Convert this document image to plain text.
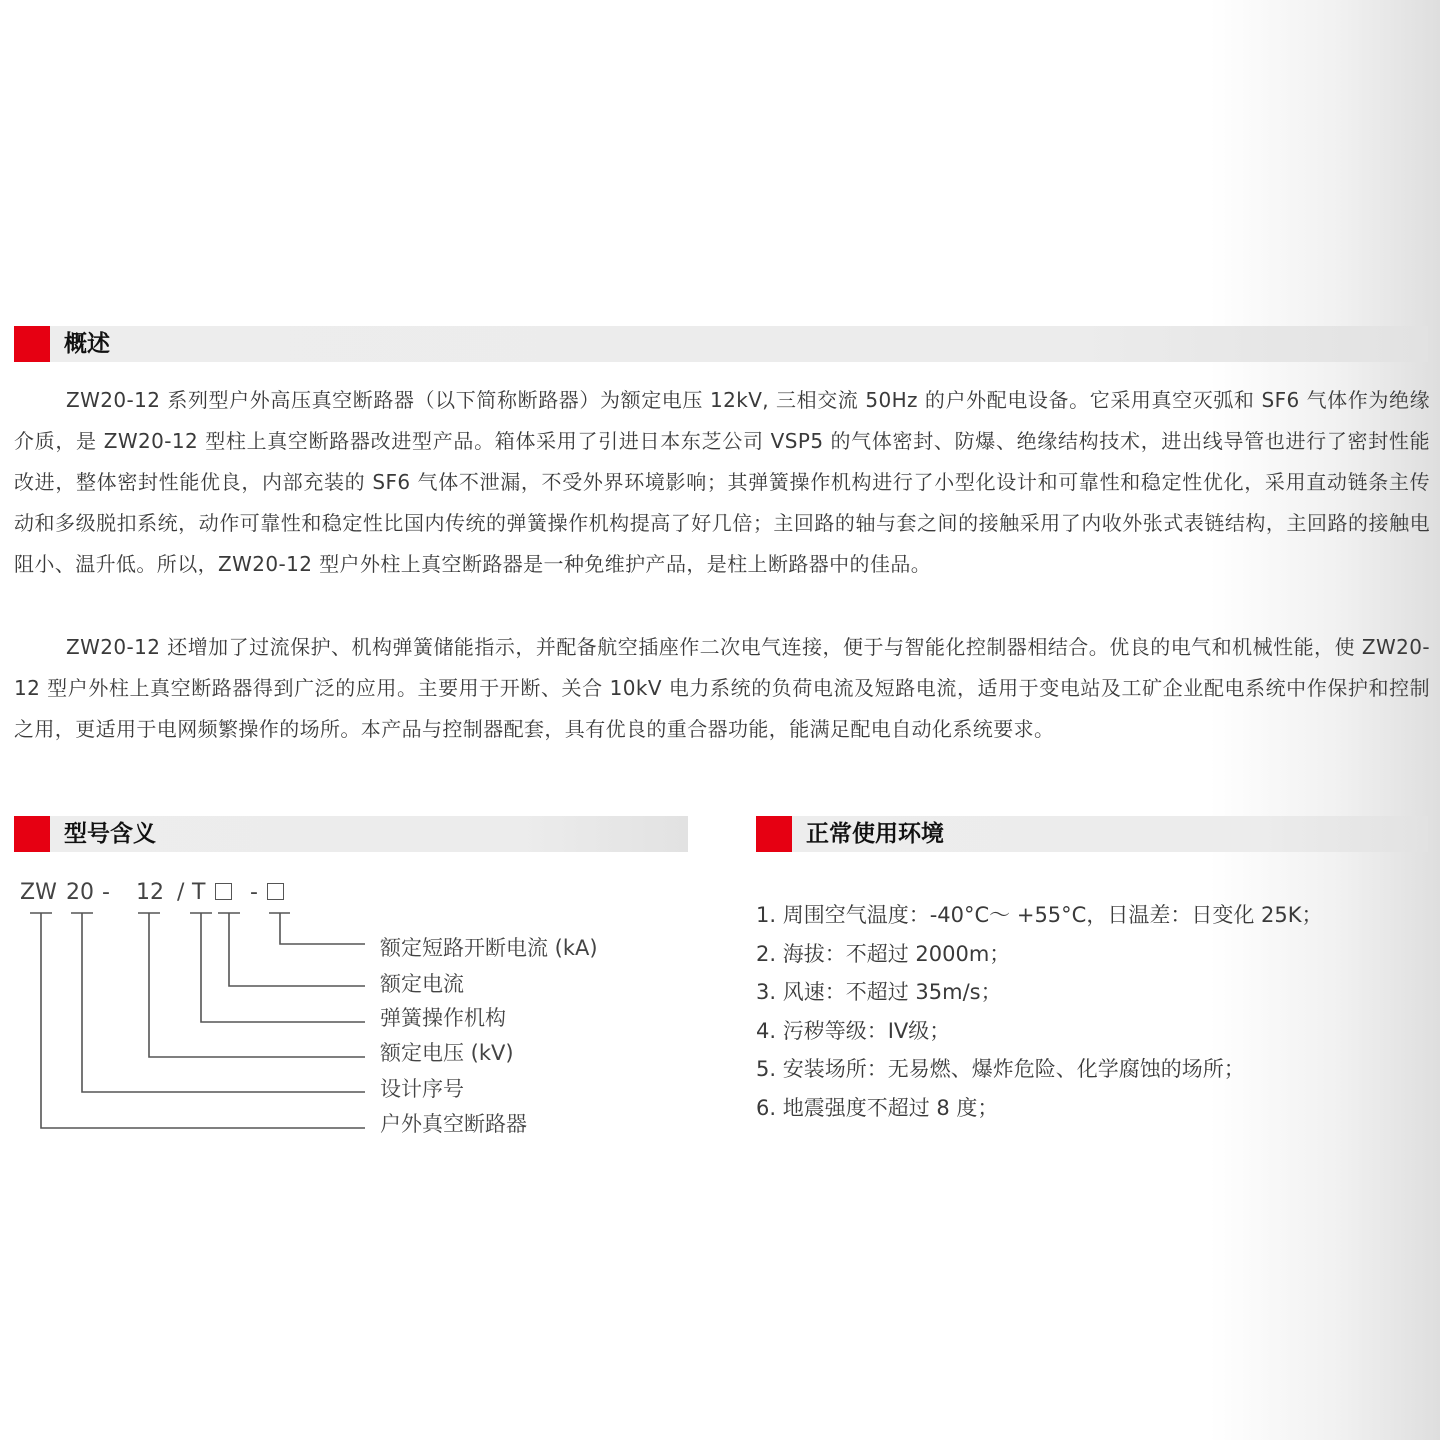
概述

ZW20-12 系列型户外高压真空断路器（以下简称断路器）为额定电压 12kV, 三相交流 50Hz 的户外配电设备。它采用真空灭弧和 SF6 气体作为绝缘介质，是 ZW20-12 型柱上真空断路器改进型产品。箱体采用了引进日本东芝公司 VSP5 的气体密封、防爆、绝缘结构技术，进出线导管也进行了密封性能改进，整体密封性能优良，内部充装的 SF6 气体不泄漏，不受外界环境影响；其弹簧操作机构进行了小型化设计和可靠性和稳定性优化，采用直动链条主传动和多级脱扣系统，动作可靠性和稳定性比国内传统的弹簧操作机构提高了好几倍；主回路的轴与套之间的接触采用了内收外张式表链结构，主回路的接触电阻小、温升低。所以，ZW20-12 型户外柱上真空断路器是一种免维护产品，是柱上断路器中的佳品。

ZW20-12 还增加了过流保护、机构弹簧储能指示，并配备航空插座作二次电气连接，便于与智能化控制器相结合。优良的电气和机械性能，使 ZW20-12 型户外柱上真空断路器得到广泛的应用。主要用于开断、关合 10kV 电力系统的负荷电流及短路电流，适用于变电站及工矿企业配电系统中作保护和控制之用，更适用于电网频繁操作的场所。本产品与控制器配套，具有优良的重合器功能，能满足配电自动化系统要求。

型号含义	正常使用环境
ZW 20 - 12 / T -
额定短路开断电流 (kA)
额定电流
弹簧操作机构
额定电压 (kV)
设计序号
户外真空断路器
1. 周围空气温度：-40°C～ +55°C，日温差：日变化 25K；
2. 海拔：不超过 2000m；
3. 风速：不超过 35m/s；
4. 污秽等级：IV级；
5. 安装场所：无易燃、爆炸危险、化学腐蚀的场所；
6. 地震强度不超过 8 度；
